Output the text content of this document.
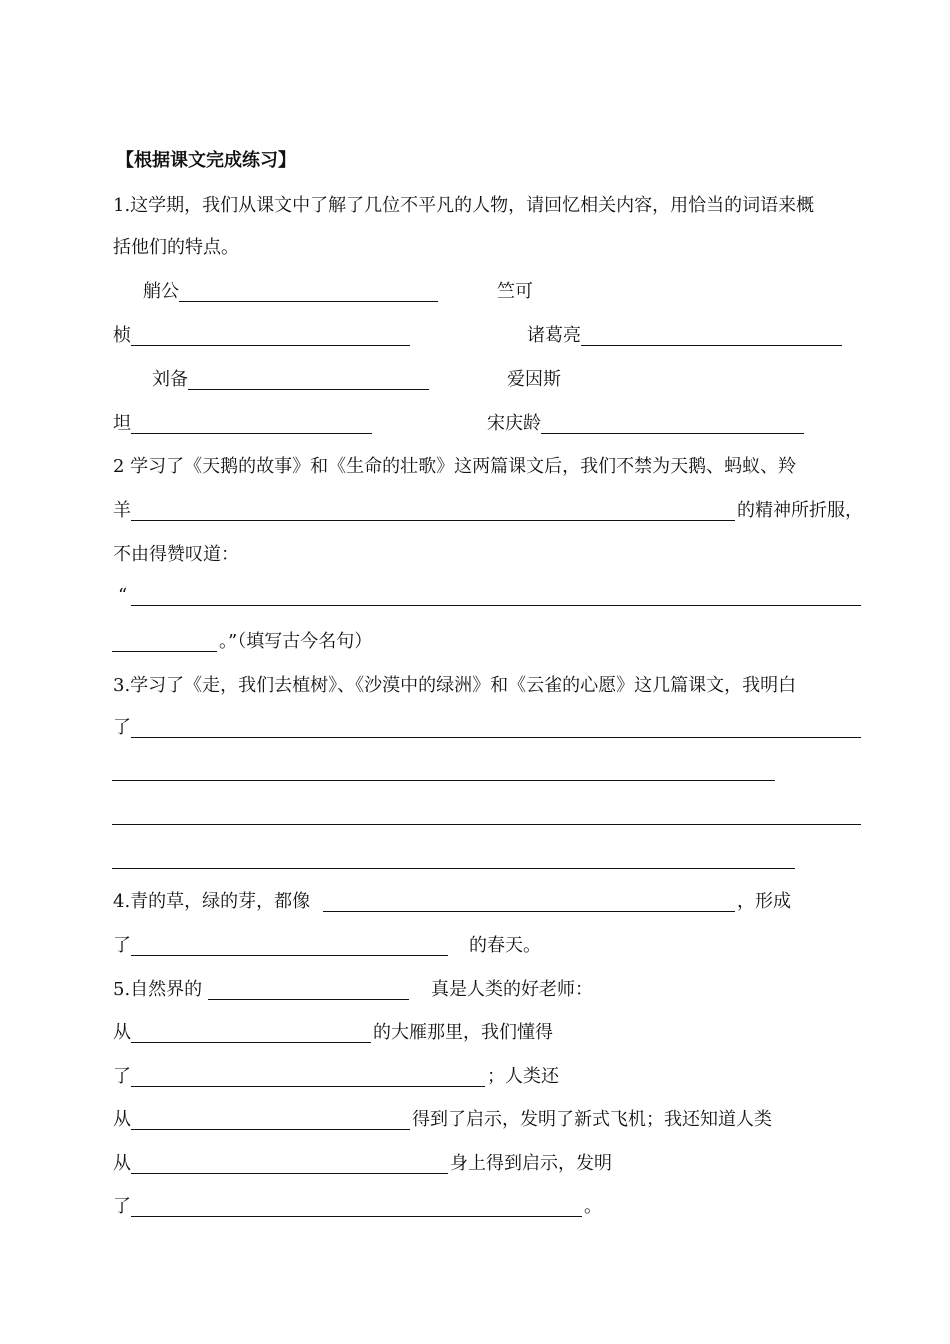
【根据课文完成练习】
1.这学期，我们从课文中了解了几位不平凡的人物，请回忆相关内容，用恰当的词语来概
括他们的特点。
艄公	竺可
桢	诸葛亮
刘备	爱因斯
坦	宋庆龄
2 学习了《天鹅的故事》和《生命的壮歌》这两篇课文后，我们不禁为天鹅、蚂蚁、羚
羊	的精神所折服，
不由得赞叹道：
“
。”（填写古今名句）
3.学习了《走，我们去植树》、《沙漠中的绿洲》和《云雀的心愿》这几篇课文，我明白
了
4.青的草，绿的芽，都像	，形成
了	的春天。
5.自然界的	真是人类的好老师：
从	的大雁那里，我们懂得
了	；人类还
从	得到了启示，发明了新式飞机；我还知道人类
从	身上得到启示，发明
了	。
